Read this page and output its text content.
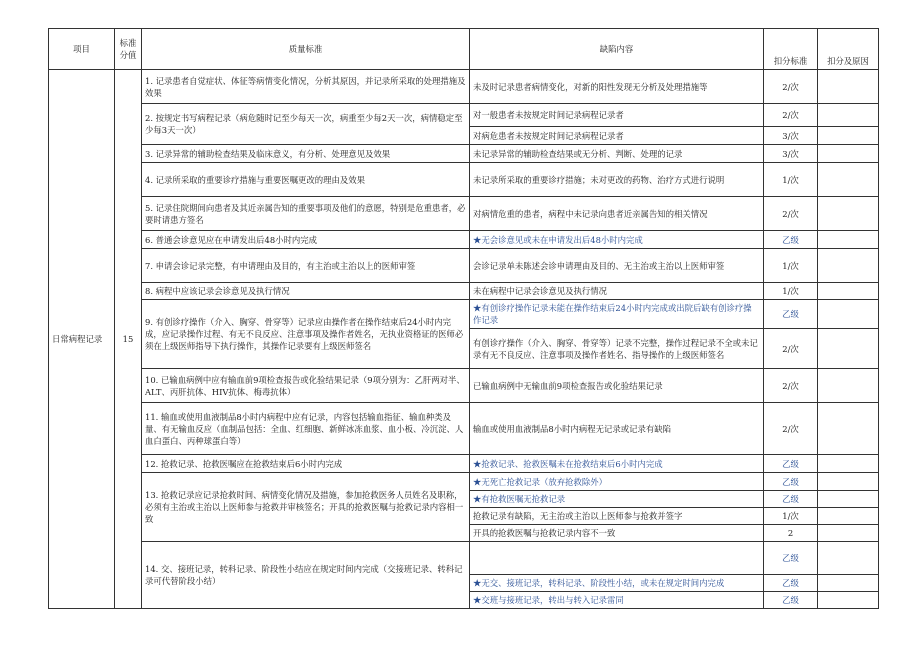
项目	标准分值	质量标准	缺陷内容	扣分标准	扣分及原因
日常病程记录	15	1. 记录患者自觉症状、体征等病情变化情况，分析其原因，并记录所采取的处理措施及效果	未及时记录患者病情变化，对新的阳性发现无分析及处理措施等	2/次	
		2. 按规定书写病程记录（病危随时记至少每天一次，病重至少每2天一次，病情稳定至少每3天一次）	对一般患者未按规定时间记录病程记录者	2/次	
			对病危患者未按规定时间记录病程记录者	3/次	
		3. 记录异常的辅助检查结果及临床意义，有分析、处理意见及效果	未记录异常的辅助检查结果或无分析、判断、处理的记录	3/次	
		4. 记录所采取的重要诊疗措施与重要医嘱更改的理由及效果	未记录所采取的重要诊疗措施；未对更改的药物、治疗方式进行说明	1/次	
		5. 记录住院期间向患者及其近亲属告知的重要事项及他们的意愿，特别是危重患者，必要时请患方签名	对病情危重的患者，病程中未记录向患者近亲属告知的相关情况	2/次	
		6. 普通会诊意见应在申请发出后48小时内完成	★无会诊意见或未在申请发出后48小时内完成	乙级	
		7. 申请会诊记录完整，有申请理由及目的，有主治或主治以上的医师审签	会诊记录单未陈述会诊申请理由及目的、无主治或主治以上医师审签	1/次	
		8. 病程中应该记录会诊意见及执行情况	未在病程中记录会诊意见及执行情况	1/次	
		9. 有创诊疗操作（介入、胸穿、骨穿等）记录应由操作者在操作结束后24小时内完成，应记录操作过程、有无不良反应、注意事项及操作者姓名，无执业资格证的医师必须在上级医师指导下执行操作，其操作记录要有上级医师签名	★有创诊疗操作记录未能在操作结束后24小时内完成或出院后缺有创诊疗操作记录	乙级	
			有创诊疗操作（介入、胸穿、骨穿等）记录不完整，操作过程记录不全或未记录有无不良反应、注意事项及操作者姓名、指导操作的上级医师签名	2/次	
		10. 已输血病例中应有输血前9项检查报告或化验结果记录（9项分别为：乙肝两对半、ALT、丙肝抗体、HIV抗体、梅毒抗体）	已输血病例中无输血前9项检查报告或化验结果记录	2/次	
		11. 输血或使用血液制品8小时内病程中应有记录，内容包括输血指征、输血种类及量、有无输血反应（血制品包括：全血、红细胞、新鲜冰冻血浆、血小板、冷沉淀、人血白蛋白、丙种球蛋白等）	输血或使用血液制品8小时内病程无记录或记录有缺陷	2/次	
		12. 抢救记录、抢救医嘱应在抢救结束后6小时内完成	★抢救记录、抢救医嘱未在抢救结束后6小时内完成	乙级	
		13. 抢救记录应记录抢救时间、病情变化情况及措施，参加抢救医务人员姓名及职称，必须有主治或主治以上医师参与抢救并审核签名；开具的抢救医嘱与抢救记录内容相一致	★无死亡抢救记录（放弃抢救除外）	乙级	
			★有抢救医嘱无抢救记录	乙级	
			抢救记录有缺陷，无主治或主治以上医师参与抢救并签字	1/次	
			开具的抢救医嘱与抢救记录内容不一致	2	
		14. 交、接班记录，转科记录、阶段性小结应在规定时间内完成（交接班记录、转科记录可代替阶段小结）		乙级	
			★无交、接班记录，转科记录、阶段性小结，或未在规定时间内完成	乙级	
			★交班与接班记录，转出与转入记录雷同	乙级	
